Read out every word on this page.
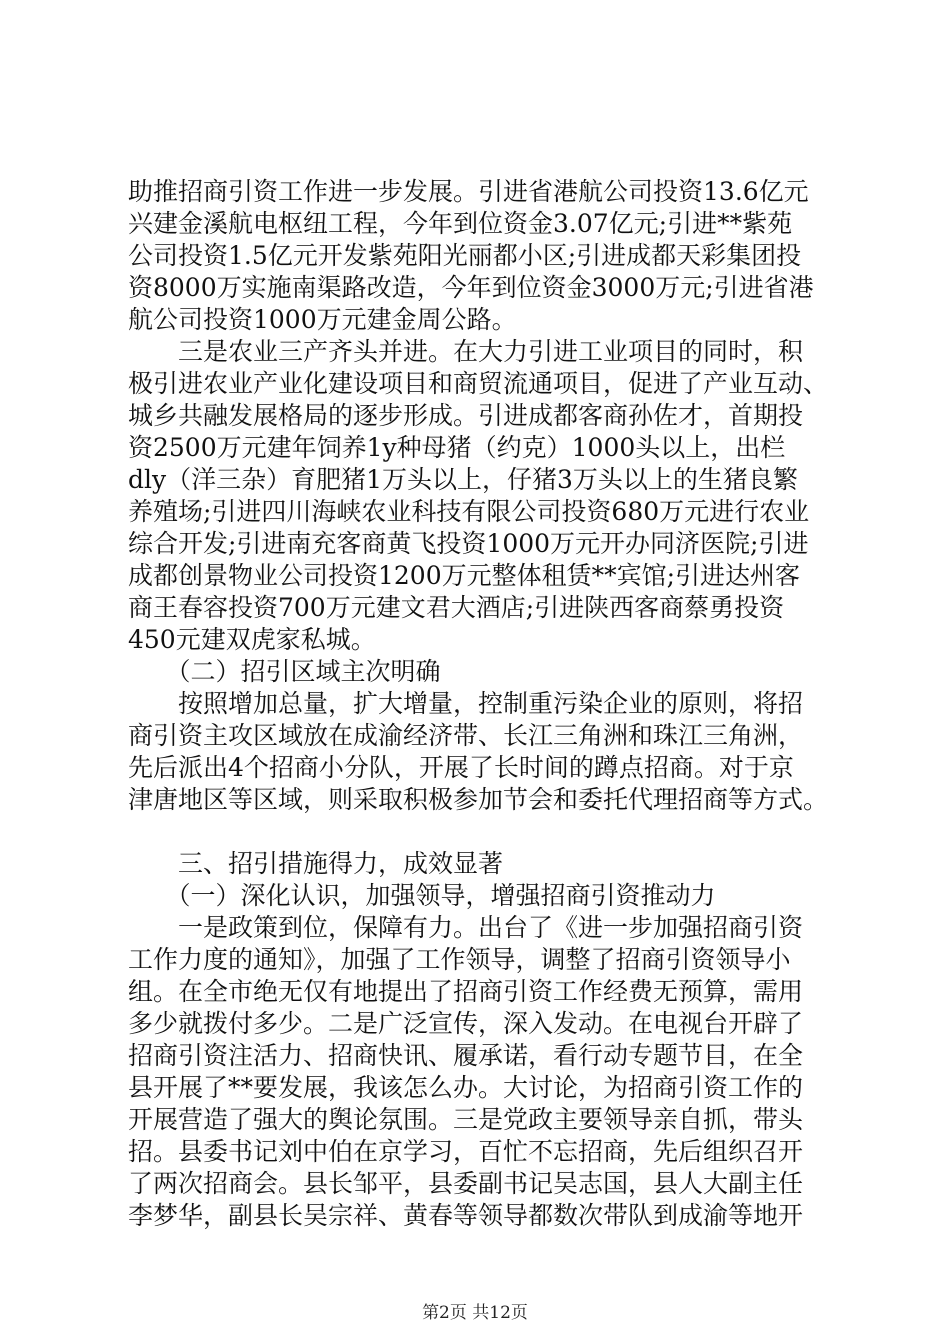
助推招商引资工作进一步发展。引进省港航公司投资13.6亿元
兴建金溪航电枢纽工程，今年到位资金3.07亿元;引进**紫苑
公司投资1.5亿元开发紫苑阳光丽都小区;引进成都天彩集团投
资8000万实施南渠路改造，今年到位资金3000万元;引进省港
航公司投资1000万元建金周公路。
　　三是农业三产齐头并进。在大力引进工业项目的同时，积
极引进农业产业化建设项目和商贸流通项目，促进了产业互动、
城乡共融发展格局的逐步形成。引进成都客商孙佐才，首期投
资2500万元建年饲养1y种母猪（约克）1000头以上，出栏
dly（洋三杂）育肥猪1万头以上，仔猪3万头以上的生猪良繁
养殖场;引进四川海峡农业科技有限公司投资680万元进行农业
综合开发;引进南充客商黄飞投资1000万元开办同济医院;引进
成都创景物业公司投资1200万元整体租赁**宾馆;引进达州客
商王春容投资700万元建文君大酒店;引进陕西客商蔡勇投资
450元建双虎家私城。
　　（二）招引区域主次明确
　　按照增加总量，扩大增量，控制重污染企业的原则，将招
商引资主攻区域放在成渝经济带、长江三角洲和珠江三角洲，
先后派出4个招商小分队，开展了长时间的蹲点招商。对于京
津唐地区等区域，则采取积极参加节会和委托代理招商等方式。
　　三、招引措施得力，成效显著
　　（一）深化认识，加强领导，增强招商引资推动力
　　一是政策到位，保障有力。出台了《进一步加强招商引资
工作力度的通知》，加强了工作领导，调整了招商引资领导小
组。在全市绝无仅有地提出了招商引资工作经费无预算，需用
多少就拨付多少。二是广泛宣传，深入发动。在电视台开辟了
招商引资注活力、招商快讯、履承诺，看行动专题节目，在全
县开展了**要发展，我该怎么办。大讨论，为招商引资工作的
开展营造了强大的舆论氛围。三是党政主要领导亲自抓，带头
招。县委书记刘中伯在京学习，百忙不忘招商，先后组织召开
了两次招商会。县长邹平，县委副书记吴志国，县人大副主任
李梦华，副县长吴宗祥、黄春等领导都数次带队到成渝等地开
第2页 共12页
